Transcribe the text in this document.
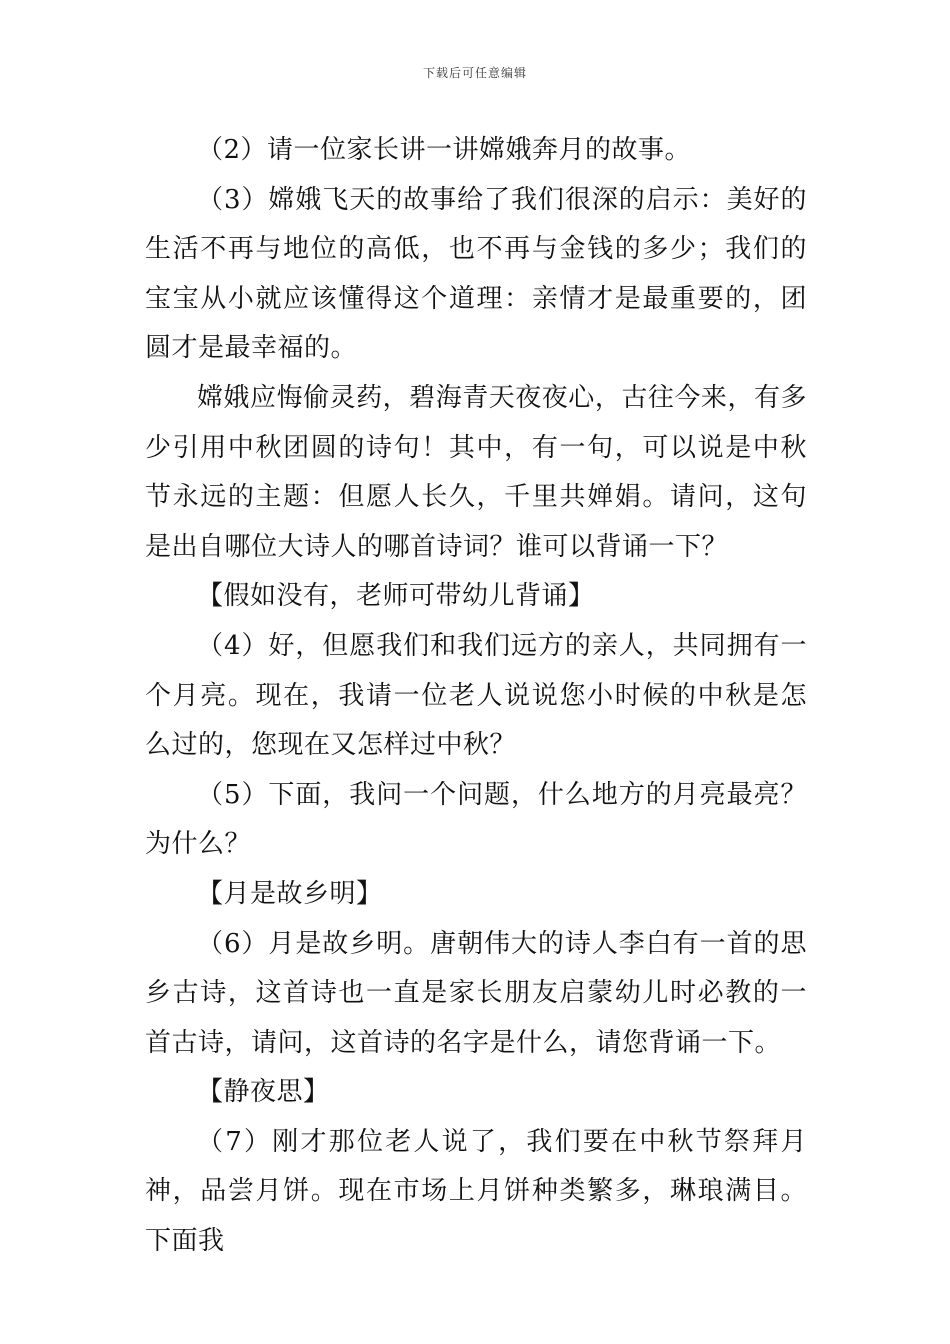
下载后可任意编辑

（2）请一位家长讲一讲嫦娥奔月的故事。

（3）嫦娥飞天的故事给了我们很深的启示：美好的生活不再与地位的高低，也不再与金钱的多少；我们的宝宝从小就应该懂得这个道理：亲情才是最重要的，团圆才是最幸福的。

嫦娥应悔偷灵药，碧海青天夜夜心，古往今来，有多少引用中秋团圆的诗句！其中，有一句，可以说是中秋节永远的主题：但愿人长久，千里共婵娟。请问，这句是出自哪位大诗人的哪首诗词？谁可以背诵一下？

【假如没有，老师可带幼儿背诵】

（4）好，但愿我们和我们远方的亲人，共同拥有一个月亮。现在，我请一位老人说说您小时候的中秋是怎么过的，您现在又怎样过中秋？

（5）下面，我问一个问题，什么地方的月亮最亮？为什么？

【月是故乡明】

（6）月是故乡明。唐朝伟大的诗人李白有一首的思乡古诗，这首诗也一直是家长朋友启蒙幼儿时必教的一首古诗，请问，这首诗的名字是什么，请您背诵一下。

【静夜思】

（7）刚才那位老人说了，我们要在中秋节祭拜月神，品尝月饼。现在市场上月饼种类繁多，琳琅满目。下面我
